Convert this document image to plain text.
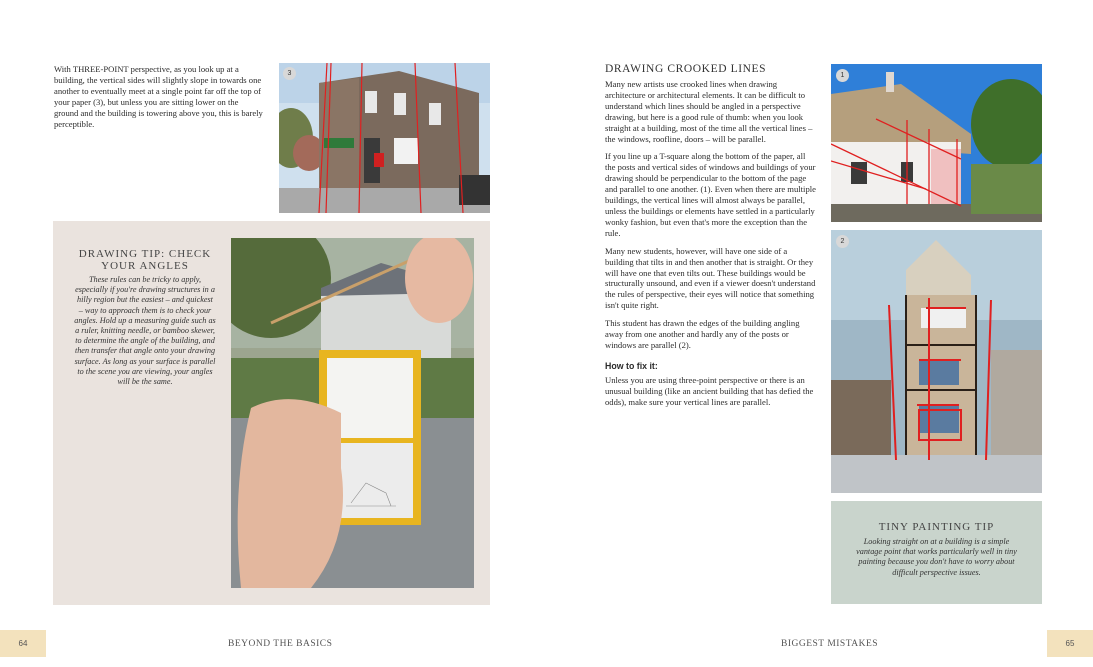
With THREE-POINT perspective, as you look up at a building, the vertical sides will slightly slope in towards one another to eventually meet at a single point far off the top of your paper (3), but unless you are sitting lower on the ground and the building is towering above you, this is barely perceptible.
3
DRAWING TIP: CHECK YOUR ANGLES
These rules can be tricky to apply, especially if you're drawing structures in a hilly region but the easiest – and quickest – way to approach them is to check your angles. Hold up a measuring guide such as a ruler, knitting needle, or bamboo skewer, to determine the angle of the building, and then transfer that angle onto your drawing surface. As long as your surface is parallel to the scene you are viewing, your angles will be the same.
64	BEYOND THE BASICS
DRAWING CROOKED LINES

Many new artists use crooked lines when drawing architecture or architectural elements. It can be difficult to understand which lines should be angled in a perspective drawing, but here is a good rule of thumb: when you look straight at a building, most of the time all the vertical lines – the windows, roofline, doors – will be parallel.

If you line up a T-square along the bottom of the paper, all the posts and vertical sides of windows and buildings of your drawing should be perpendicular to the bottom of the page and parallel to one another. (1). Even when there are multiple buildings, the vertical lines will almost always be parallel, unless the buildings or elements have settled in a particularly wonky fashion, but even that's more the exception than the rule.

Many new students, however, will have one side of a building that tilts in and then another that is straight. Or they will have one that even tilts out. These buildings would be structurally unsound, and even if a viewer doesn't understand the rules of perspective, their eyes will notice that something isn't quite right.

This student has drawn the edges of the building angling away from one another and hardly any of the posts or windows are parallel (2).

How to fix it:

Unless you are using three-point perspective or there is an unusual building (like an ancient building that has defied the odds), make sure your vertical lines are parallel.

1
2
TINY PAINTING TIP
Looking straight on at a building is a simple vantage point that works particularly well in tiny painting because you don't have to worry about difficult perspective issues.
BIGGEST MISTAKES	65
